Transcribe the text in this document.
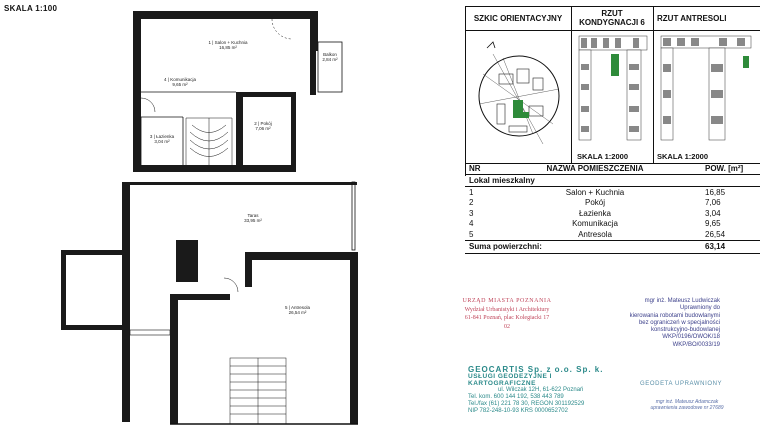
SKALA 1:100
1 | Salon + Kuchnia
16,85 m²
2 | Pokój
7,06 m²
3 | Łazienka
3,04 m²
4 | Komunikacja
9,65 m²
Balkon
2,84 m²
Taras
33,95 m²
5 | Antresola
26,54 m²
SZKIC ORIENTACYJNY	RZUT KONDYGNACJI 6	RZUT ANTRESOLI
SKALA 1:2000	SKALA 1:2000
NR	NAZWA POMIESZCZENIA	POW. [m²]
Lokal mieszkalny
1	Salon + Kuchnia	16,85
2	Pokój	7,06
3	Łazienka	3,04
4	Komunikacja	9,65
5	Antresola	26,54
Suma powierzchni:	63,14
URZĄD MIASTA POZNANIA
Wydział Urbanistyki i Architektury
61-841 Poznań, plac Kolegiacki 17
02
mgr inż. Mateusz Ludwiczak
Uprawniony do
kierowania robotami budowlanymi
bez ograniczeń w specjalności
konstrukcyjno-budowlanej
WKP/0196/OWOK/18
WKP/BO/0033/19
GEOCARTIS Sp. z o.o. Sp. k.
USŁUGI GEODEZYJNE I KARTOGRAFICZNE
ul. Wilczak 12H, 61-622 Poznań
Tel. kom. 600 144 192, 538 443 789
Tel./fax (61) 221 78 30, REGON 301192529
NIP 782-248-10-93 KRS 0000652702
GEODETA UPRAWNIONY
mgr inż. Mateusz Adamczak
uprawnienia zawodowe nr 27689
